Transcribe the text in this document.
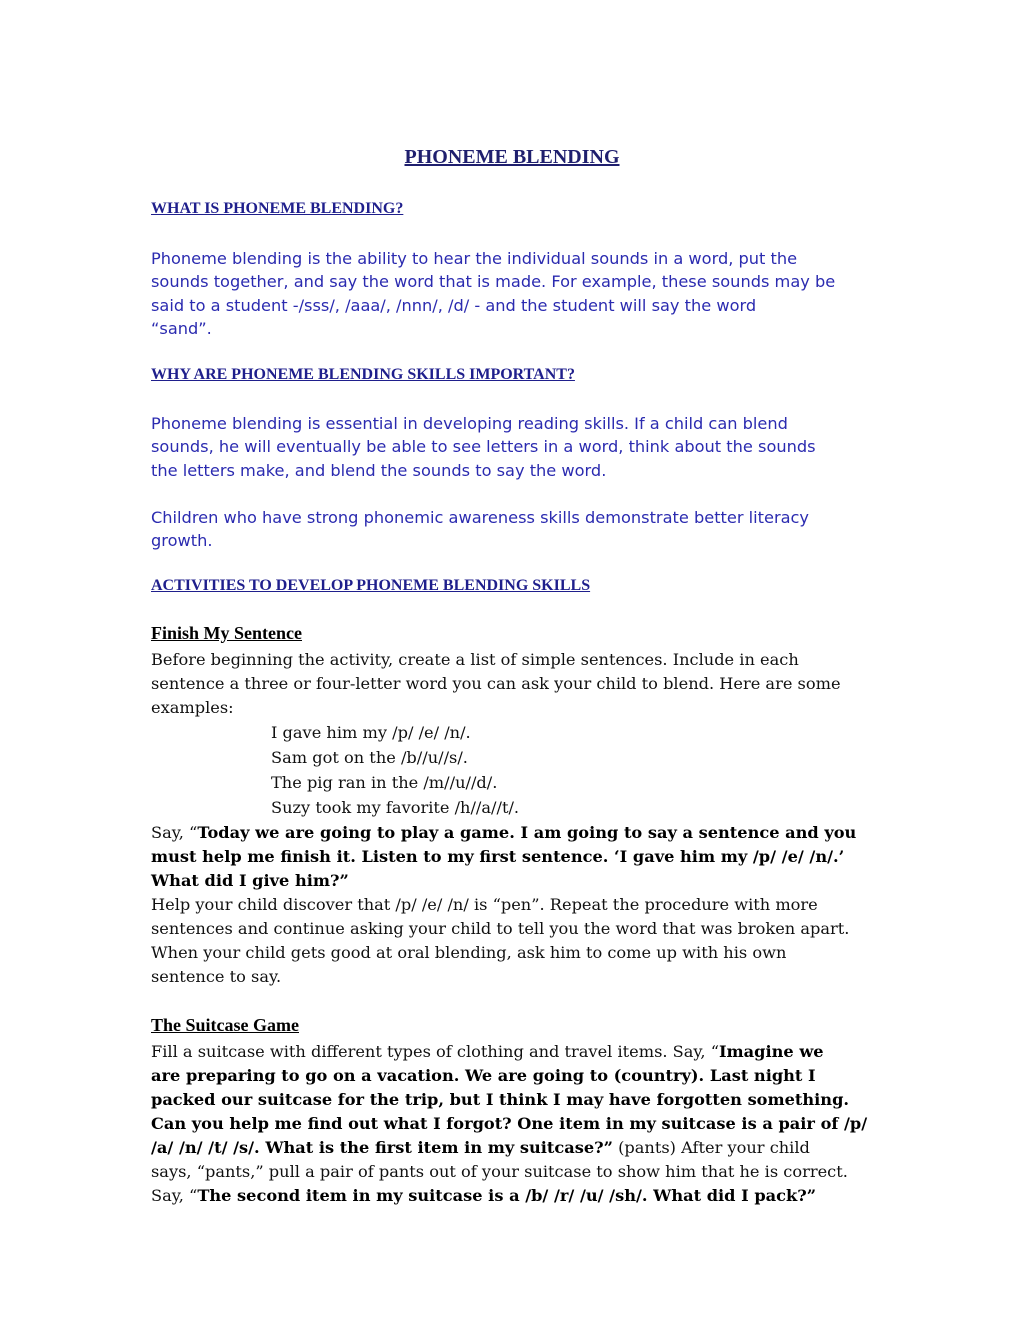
PHONEME BLENDING
WHAT IS PHONEME BLENDING?
Phoneme blending is the ability to hear the individual sounds in a word, put the
sounds together, and say the word that is made. For example, these sounds may be
said to a student -/sss/, /aaa/, /nnn/, /d/ - and the student will say the word
“sand”.
WHY ARE PHONEME BLENDING SKILLS IMPORTANT?
Phoneme blending is essential in developing reading skills. If a child can blend
sounds, he will eventually be able to see letters in a word, think about the sounds
the letters make, and blend the sounds to say the word.
Children who have strong phonemic awareness skills demonstrate better literacy
growth.
ACTIVITIES TO DEVELOP PHONEME BLENDING SKILLS
Finish My Sentence
Before beginning the activity, create a list of simple sentences. Include in each
sentence a three or four-letter word you can ask your child to blend. Here are some
examples:
I gave him my /p/ /e/ /n/.
Sam got on the /b//u//s/.
The pig ran in the /m//u//d/.
Suzy took my favorite /h//a//t/.
Say, “Today we are going to play a game. I am going to say a sentence and you
must help me finish it. Listen to my first sentence. ‘I gave him my /p/ /e/ /n/.’
What did I give him?”
Help your child discover that /p/ /e/ /n/ is “pen”. Repeat the procedure with more
sentences and continue asking your child to tell you the word that was broken apart.
When your child gets good at oral blending, ask him to come up with his own
sentence to say.
The Suitcase Game
Fill a suitcase with different types of clothing and travel items. Say, “Imagine we
are preparing to go on a vacation. We are going to (country). Last night I
packed our suitcase for the trip, but I think I may have forgotten something.
Can you help me find out what I forgot? One item in my suitcase is a pair of /p/
/a/ /n/ /t/ /s/. What is the first item in my suitcase?” (pants) After your child
says, “pants,” pull a pair of pants out of your suitcase to show him that he is correct.
Say, “The second item in my suitcase is a /b/ /r/ /u/ /sh/. What did I pack?”
